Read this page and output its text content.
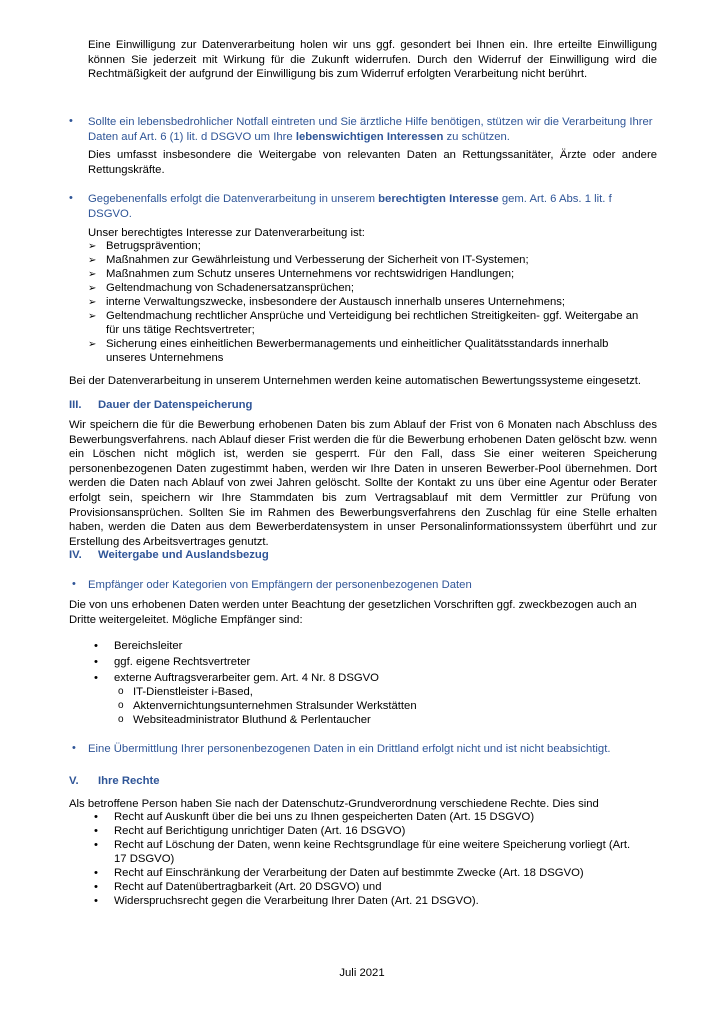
Eine Einwilligung zur Datenverarbeitung holen wir uns ggf. gesondert bei Ihnen ein. Ihre erteilte Einwilligung können Sie jederzeit mit Wirkung für die Zukunft widerrufen. Durch den Widerruf der Einwilligung wird die Rechtmäßigkeit der aufgrund der Einwilligung bis zum Widerruf erfolgten Verarbeitung nicht berührt.
• Sollte ein lebensbedrohlicher Notfall eintreten und Sie ärztliche Hilfe benötigen, stützen wir die Verarbeitung Ihrer Daten auf Art. 6 (1) lit. d DSGVO um Ihre lebenswichtigen Interessen zu schützen.
Dies umfasst insbesondere die Weitergabe von relevanten Daten an Rettungssanitäter, Ärzte oder andere Rettungskräfte.
• Gegebenenfalls erfolgt die Datenverarbeitung in unserem berechtigten Interesse gem. Art. 6 Abs. 1 lit. f DSGVO.
Unser berechtigtes Interesse zur Datenverarbeitung ist:
➢ Betrugsprävention;
➢ Maßnahmen zur Gewährleistung und Verbesserung der Sicherheit von IT-Systemen;
➢ Maßnahmen zum Schutz unseres Unternehmens vor rechtswidrigen Handlungen;
➢ Geltendmachung von Schadenersatzansprüchen;
➢ interne Verwaltungszwecke, insbesondere der Austausch innerhalb unseres Unternehmens;
➢ Geltendmachung rechtlicher Ansprüche und Verteidigung bei rechtlichen Streitigkeiten- ggf. Weitergabe an
für uns tätige Rechtsvertreter;
➢ Sicherung eines einheitlichen Bewerbermanagements und einheitlicher Qualitätsstandards innerhalb
unseres Unternehmens
Bei der Datenverarbeitung in unserem Unternehmen werden keine automatischen Bewertungssysteme eingesetzt.
III. Dauer der Datenspeicherung
Wir speichern die für die Bewerbung erhobenen Daten bis zum Ablauf der Frist von 6 Monaten nach Abschluss des Bewerbungsverfahrens. nach Ablauf dieser Frist werden die für die Bewerbung erhobenen Daten gelöscht bzw. wenn ein Löschen nicht möglich ist, werden sie gesperrt. Für den Fall, dass Sie einer weiteren Speicherung personenbezogenen Daten zugestimmt haben, werden wir Ihre Daten in unseren Bewerber-Pool übernehmen. Dort werden die Daten nach Ablauf von zwei Jahren gelöscht. Sollte der Kontakt zu uns über eine Agentur oder Berater erfolgt sein, speichern wir Ihre Stammdaten bis zum Vertragsablauf mit dem Vermittler zur Prüfung von Provisionsansprüchen. Sollten Sie im Rahmen des Bewerbungsverfahrens den Zuschlag für eine Stelle erhalten haben, werden die Daten aus dem Bewerberdatensystem in unser Personalinformationssystem überführt und zur Erstellung des Arbeitsvertrages genutzt.
IV. Weitergabe und Auslandsbezug
• Empfänger oder Kategorien von Empfängern der personenbezogenen Daten
Die von uns erhobenen Daten werden unter Beachtung der gesetzlichen Vorschriften ggf. zweckbezogen auch an Dritte weitergeleitet. Mögliche Empfänger sind:
• Bereichsleiter
• ggf. eigene Rechtsvertreter
• externe Auftragsverarbeiter gem. Art. 4 Nr. 8 DSGVO
o IT-Dienstleister i-Based,
o Aktenvernichtungsunternehmen Stralsunder Werkstätten
o Websiteadministrator Bluthund & Perlentaucher
• Eine Übermittlung Ihrer personenbezogenen Daten in ein Drittland erfolgt nicht und ist nicht beabsichtigt.
V. Ihre Rechte
Als betroffene Person haben Sie nach der Datenschutz-Grundverordnung verschiedene Rechte. Dies sind
• Recht auf Auskunft über die bei uns zu Ihnen gespeicherten Daten (Art. 15 DSGVO)
• Recht auf Berichtigung unrichtiger Daten (Art. 16 DSGVO)
• Recht auf Löschung der Daten, wenn keine Rechtsgrundlage für eine weitere Speicherung vorliegt (Art.
17 DSGVO)
• Recht auf Einschränkung der Verarbeitung der Daten auf bestimmte Zwecke (Art. 18 DSGVO)
• Recht auf Datenübertragbarkeit (Art. 20 DSGVO) und
• Widerspruchsrecht gegen die Verarbeitung Ihrer Daten (Art. 21 DSGVO).
Juli 2021
